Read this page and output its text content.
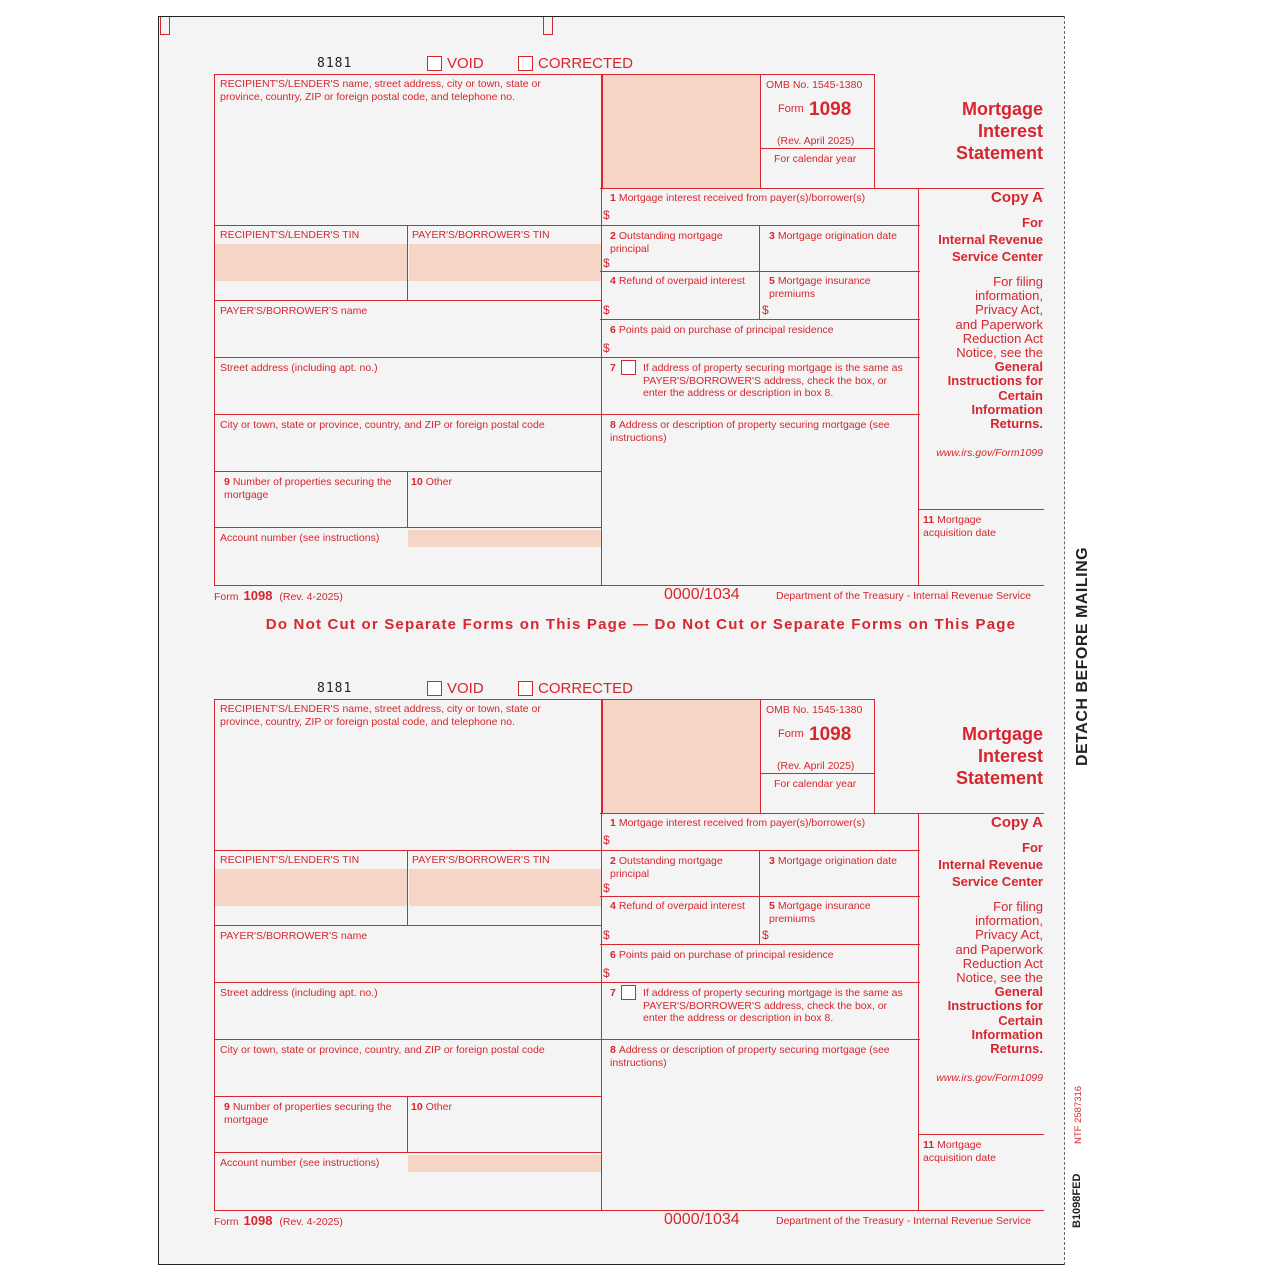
8181	VOID	CORRECTED
RECIPIENT'S/LENDER'S name, street address, city or town, state or province, country, ZIP or foreign postal code, and telephone no.
RECIPIENT'S/LENDER'S TIN	PAYER'S/BORROWER'S TIN
PAYER'S/BORROWER'S name
Street address (including apt. no.)
City or town, state or province, country, and ZIP or foreign postal code
9 Number of properties securing the mortgage
10 Other
Account number (see instructions)
OMB No. 1545-1380
Form 1098
(Rev. April 2025)
For calendar year
Mortgage
Interest
Statement
1 Mortgage interest received from payer(s)/borrower(s)
$
2 Outstanding mortgage principal
$
3 Mortgage origination date
4 Refund of overpaid interest
$
5 Mortgage insurance premiums
$
6 Points paid on purchase of principal residence
$
7	If address of property securing mortgage is the same as PAYER'S/BORROWER'S address, check the box, or enter the address or description in box 8.
8 Address or description of property securing mortgage (see instructions)
Copy A
For
Internal Revenue
Service Center
For filing
information,
Privacy Act,
and Paperwork
Reduction Act
Notice, see the
General
Instructions for
Certain
Information
Returns.
www.irs.gov/Form1099
11 Mortgage acquisition date
Form 1098 (Rev. 4-2025)	0000/1034	Department of the Treasury - Internal Revenue Service
8181	VOID	CORRECTED
RECIPIENT'S/LENDER'S name, street address, city or town, state or province, country, ZIP or foreign postal code, and telephone no.
RECIPIENT'S/LENDER'S TIN	PAYER'S/BORROWER'S TIN
PAYER'S/BORROWER'S name
Street address (including apt. no.)
City or town, state or province, country, and ZIP or foreign postal code
9 Number of properties securing the mortgage
10 Other
Account number (see instructions)
OMB No. 1545-1380
Form 1098
(Rev. April 2025)
For calendar year
Mortgage
Interest
Statement
1 Mortgage interest received from payer(s)/borrower(s)
$
2 Outstanding mortgage principal
$
3 Mortgage origination date
4 Refund of overpaid interest
$
5 Mortgage insurance premiums
$
6 Points paid on purchase of principal residence
$
7	If address of property securing mortgage is the same as PAYER'S/BORROWER'S address, check the box, or enter the address or description in box 8.
8 Address or description of property securing mortgage (see instructions)
Copy A
For
Internal Revenue
Service Center
For filing
information,
Privacy Act,
and Paperwork
Reduction Act
Notice, see the
General
Instructions for
Certain
Information
Returns.
www.irs.gov/Form1099
11 Mortgage acquisition date
Form 1098 (Rev. 4-2025)	0000/1034	Department of the Treasury - Internal Revenue Service
Do Not Cut or Separate Forms on This Page — Do Not Cut or Separate Forms on This Page	DETACH BEFORE MAILING
NTF 2587316
B1098FED
